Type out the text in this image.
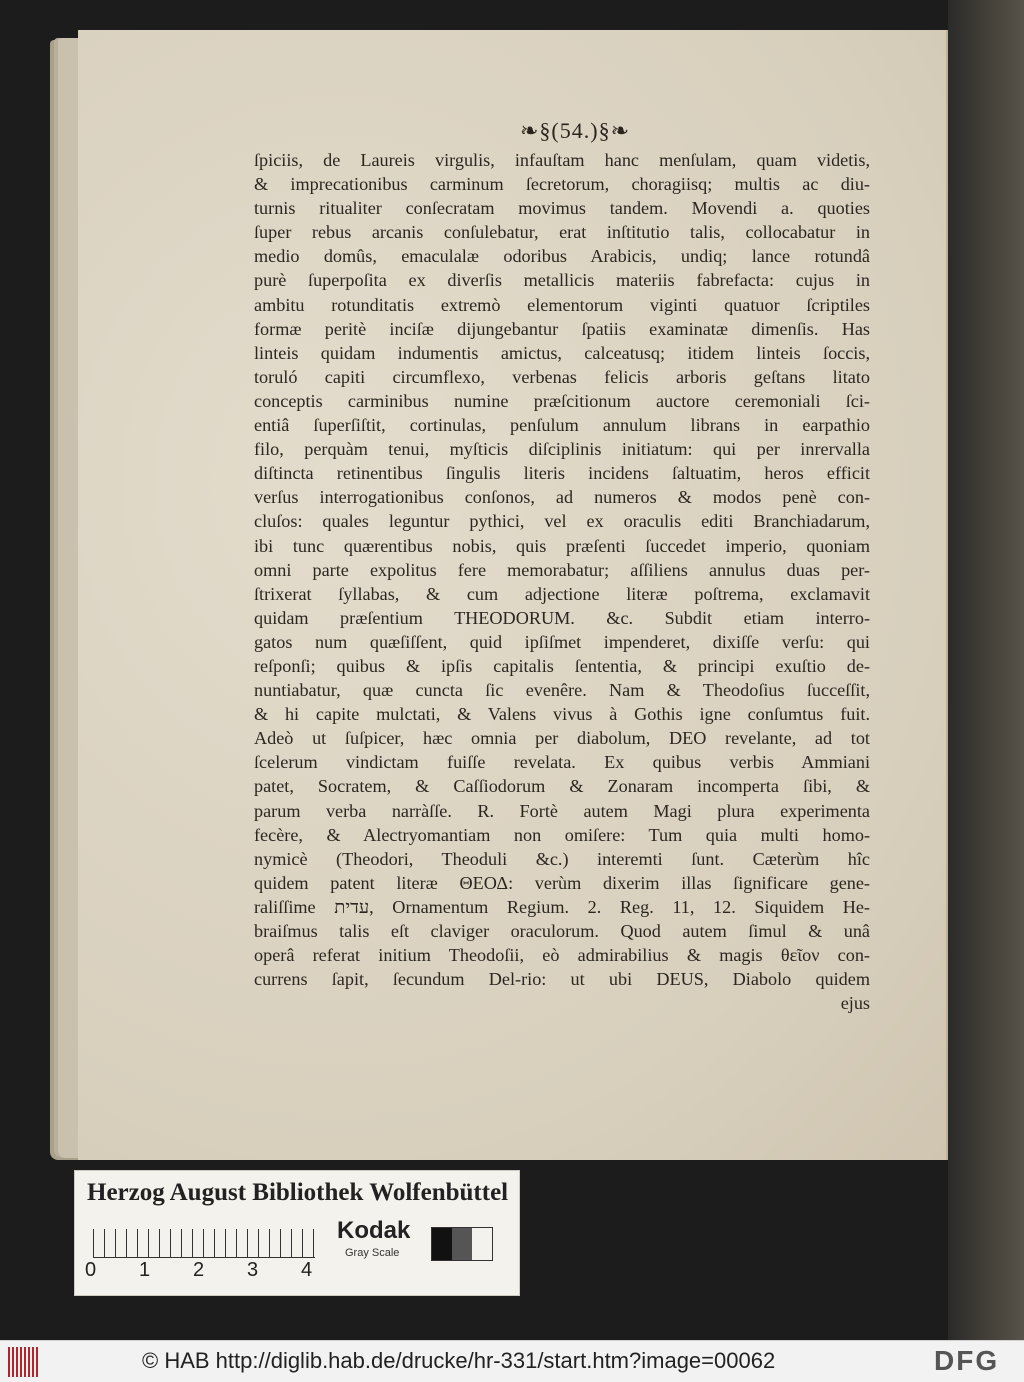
❧§(54.)§❧
ſpiciis, de Laureis virgulis, infauſtam hanc menſulam, quam videtis,
& imprecationibus carminum ſecretorum, choragiisq; multis ac diu-
turnis ritualiter conſecratam movimus tandem. Movendi a. quoties
ſuper rebus arcanis conſulebatur, erat inſtitutio talis, collocabatur in
medio domûs, emaculalæ odoribus Arabicis, undiq; lance rotundâ
purè ſuperpoſita ex diverſis metallicis materiis fabrefacta: cujus in
ambitu rotunditatis extremò elementorum viginti quatuor ſcriptiles
formæ peritè inciſæ dijungebantur ſpatiis examinatæ dimenſis. Has
linteis quidam indumentis amictus, calceatusq; itidem linteis ſoccis,
toruló capiti circumflexo, verbenas felicis arboris geſtans litato
conceptis carminibus numine præſcitionum auctore ceremoniali ſci-
entiâ ſuperſiſtit, cortinulas, penſulum annulum librans in earpathio
filo, perquàm tenui, myſticis diſciplinis initiatum: qui per inrervalla
diſtincta retinentibus ſingulis literis incidens ſaltuatim, heros efficit
verſus interrogationibus conſonos, ad numeros & modos penè con-
cluſos: quales leguntur pythici, vel ex oraculis editi Branchiadarum,
ibi tunc quærentibus nobis, quis præſenti ſuccedet imperio, quoniam
omni parte expolitus fere memorabatur; aſſiliens annulus duas per-
ſtrixerat ſyllabas, & cum adjectione literæ poſtrema, exclamavit
quidam præſentium THEODORUM. &c. Subdit etiam interro-
gatos num quæſiſſent, quid ipſiſmet impenderet, dixiſſe verſu: qui
reſponſi; quibus & ipſis capitalis ſententia, & principi exuſtio de-
nuntiabatur, quæ cuncta ſic evenêre. Nam & Theodoſius ſucceſſit,
& hi capite mulctati, & Valens vivus à Gothis igne conſumtus fuit.
Adeò ut ſuſpicer, hæc omnia per diabolum, DEO revelante, ad tot
ſcelerum vindictam fuiſſe revelata. Ex quibus verbis Ammiani
patet, Socratem, & Caſſiodorum & Zonaram incomperta ſibi, &
parum verba narràſſe. R. Fortè autem Magi plura experimenta
fecère, & Alectryomantiam non omiſere: Tum quia multi homo-
nymicè (Theodori, Theoduli &c.) interemti ſunt. Cæterùm hîc
quidem patent literæ ΘΕΟΔ: verùm dixerim illas ſignificare gene-
raliſſime עדית, Ornamentum Regium. 2. Reg. 11, 12. Siquidem He-
braiſmus talis eſt claviger oraculorum. Quod autem ſimul & unâ
operâ referat initium Theodoſii, eò admirabilius & magis θεῖον con-
currens ſapit, ſecundum Del-rio: ut ubi DEUS, Diabolo quidem
ejus
Herzog August Bibliothek Wolfenbüttel
0 1 2 3 4
Kodak
Gray Scale
© HAB http://diglib.hab.de/drucke/hr-331/start.htm?image=00062	DFG
